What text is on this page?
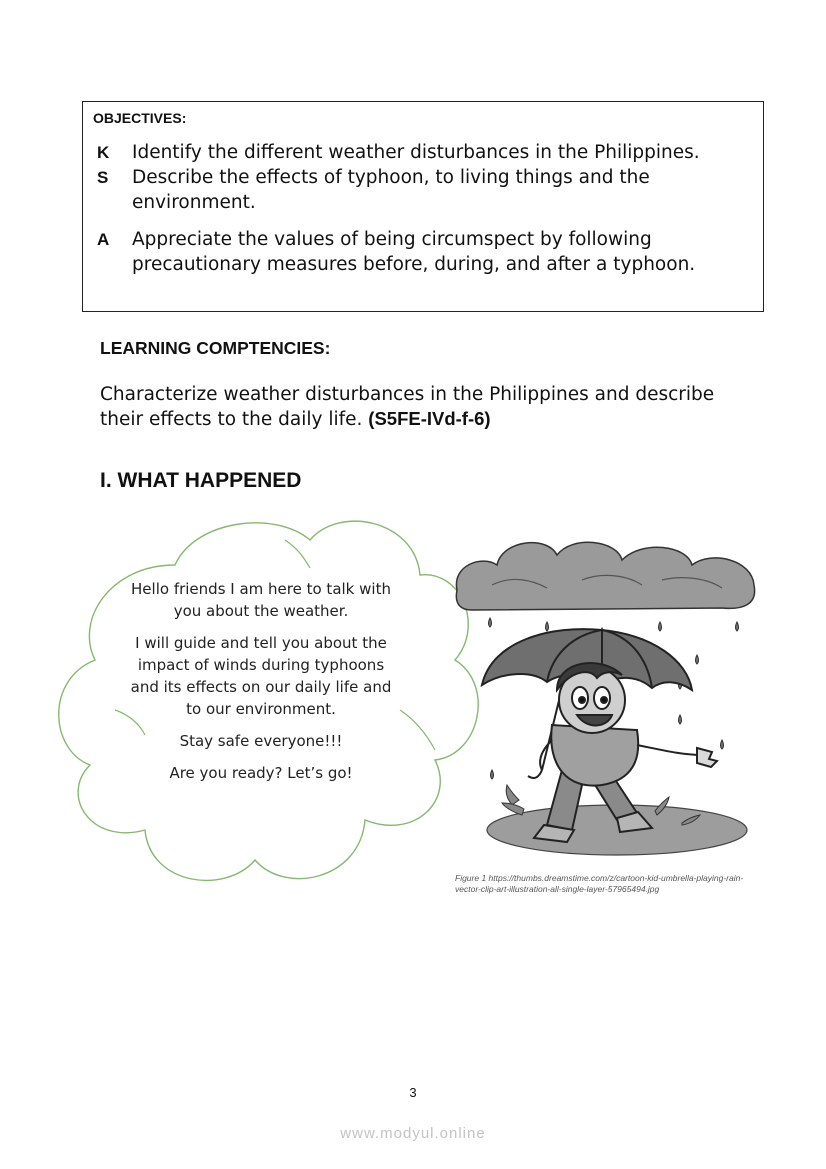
OBJECTIVES:
K	Identify the different weather disturbances in the Philippines.
S	Describe the effects of typhoon, to living things and the environment.
A	Appreciate the values of being circumspect by following precautionary measures before, during, and after a typhoon.
LEARNING COMPTENCIES:
Characterize weather disturbances in the Philippines and describe their effects to the daily life. (S5FE-IVd-f-6)
I. WHAT HAPPENED

Hello friends I am here to talk with you about the weather.

I will guide and tell you about the impact of winds during typhoons and its effects on our daily life and to our environment.

Stay safe everyone!!!

Are you ready? Let’s go!

Figure 1 https://thumbs.dreamstime.com/z/cartoon-kid-umbrella-playing-rain-vector-clip-art-illustration-all-single-layer-57965494.jpg
3
www.modyul.online
